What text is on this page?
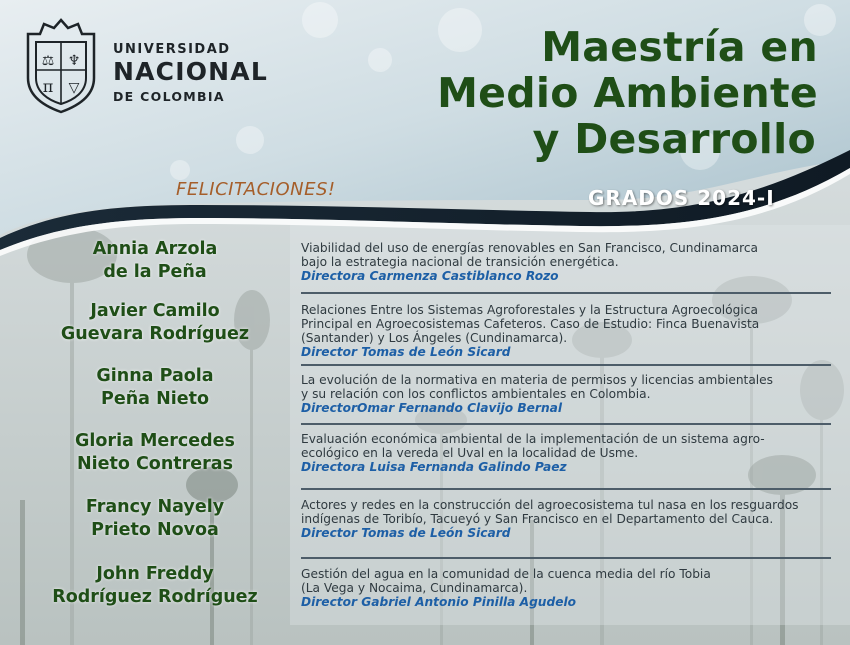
⚖ ♆
π ▽
UNIVERSIDAD
NACIONAL
DE COLOMBIA
Maestría en
Medio Ambiente
y Desarrollo
FELICITACIONES!	GRADOS 2024-I
Annia Arzola
de la Peña
Viabilidad del uso de energías renovables en San Francisco, Cundinamarca
bajo la estrategia nacional de transición energética.
Directora Carmenza Castiblanco Rozo
Javier Camilo
Guevara Rodríguez
Relaciones Entre los Sistemas Agroforestales y la Estructura Agroecológica
Principal en Agroecosistemas Cafeteros. Caso de Estudio: Finca Buenavista
(Santander) y Los Ángeles (Cundinamarca).
Director Tomas de León Sicard
Ginna Paola
Peña Nieto
La evolución de la normativa en materia de permisos y licencias ambientales
y su relación con los conflictos ambientales en Colombia.
DirectorOmar Fernando Clavijo Bernal
Gloria Mercedes
Nieto Contreras
Evaluación económica ambiental de la implementación de un sistema agro-
ecológico en la vereda el Uval en la localidad de Usme.
Directora Luisa Fernanda Galindo Paez
Francy Nayely
Prieto Novoa
Actores y redes en la construcción del agroecosistema tul nasa en los resguardos
indígenas de Toribío, Tacueyó y San Francisco en el Departamento del Cauca.
Director Tomas de León Sicard
John Freddy
Rodríguez Rodríguez
Gestión del agua en la comunidad de la cuenca media del río Tobia
(La Vega y Nocaima, Cundinamarca).
Director Gabriel Antonio Pinilla Agudelo
